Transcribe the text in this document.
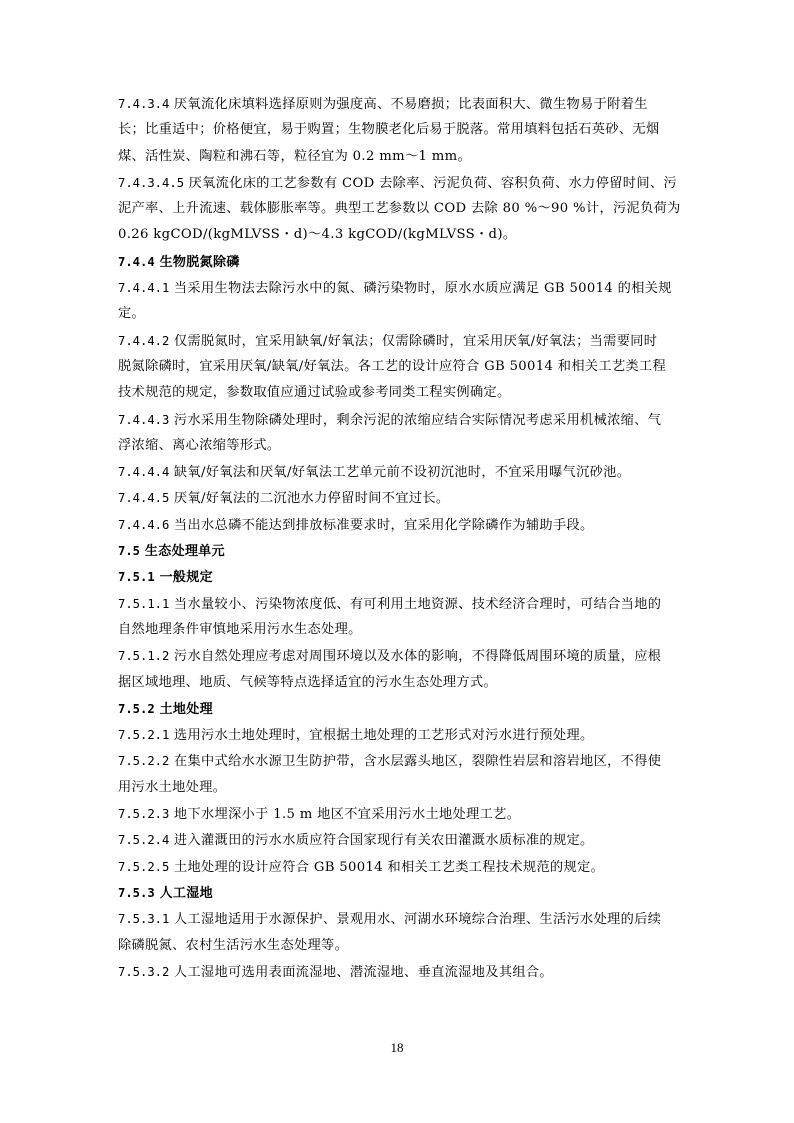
7.4.3.4 厌氧流化床填料选择原则为强度高、不易磨损；比表面积大、微生物易于附着生
长；比重适中；价格便宜，易于购置；生物膜老化后易于脱落。常用填料包括石英砂、无烟
煤、活性炭、陶粒和沸石等，粒径宜为 0.2 mm～1 mm。
7.4.3.4.5 厌氧流化床的工艺参数有 COD 去除率、污泥负荷、容积负荷、水力停留时间、污
泥产率、上升流速、载体膨胀率等。典型工艺参数以 COD 去除 80 %～90 %计，污泥负荷为
0.26 kgCOD/(kgMLVSS・d)～4.3 kgCOD/(kgMLVSS・d)。
7.4.4 生物脱氮除磷
7.4.4.1 当采用生物法去除污水中的氮、磷污染物时，原水水质应满足 GB 50014 的相关规
定。
7.4.4.2 仅需脱氮时，宜采用缺氧/好氧法；仅需除磷时，宜采用厌氧/好氧法；当需要同时
脱氮除磷时，宜采用厌氧/缺氧/好氧法。各工艺的设计应符合 GB 50014 和相关工艺类工程
技术规范的规定，参数取值应通过试验或参考同类工程实例确定。
7.4.4.3 污水采用生物除磷处理时，剩余污泥的浓缩应结合实际情况考虑采用机械浓缩、气
浮浓缩、离心浓缩等形式。
7.4.4.4 缺氧/好氧法和厌氧/好氧法工艺单元前不设初沉池时，不宜采用曝气沉砂池。
7.4.4.5 厌氧/好氧法的二沉池水力停留时间不宜过长。
7.4.4.6 当出水总磷不能达到排放标准要求时，宜采用化学除磷作为辅助手段。
7.5 生态处理单元
7.5.1 一般规定
7.5.1.1 当水量较小、污染物浓度低、有可利用土地资源、技术经济合理时，可结合当地的
自然地理条件审慎地采用污水生态处理。
7.5.1.2 污水自然处理应考虑对周围环境以及水体的影响，不得降低周围环境的质量，应根
据区域地理、地质、气候等特点选择适宜的污水生态处理方式。
7.5.2 土地处理
7.5.2.1 选用污水土地处理时，宜根据土地处理的工艺形式对污水进行预处理。
7.5.2.2 在集中式给水水源卫生防护带，含水层露头地区，裂隙性岩层和溶岩地区，不得使
用污水土地处理。
7.5.2.3 地下水埋深小于 1.5 m 地区不宜采用污水土地处理工艺。
7.5.2.4 进入灌溉田的污水水质应符合国家现行有关农田灌溉水质标准的规定。
7.5.2.5 土地处理的设计应符合 GB 50014 和相关工艺类工程技术规范的规定。
7.5.3 人工湿地
7.5.3.1 人工湿地适用于水源保护、景观用水、河湖水环境综合治理、生活污水处理的后续
除磷脱氮、农村生活污水生态处理等。
7.5.3.2 人工湿地可选用表面流湿地、潜流湿地、垂直流湿地及其组合。
18
